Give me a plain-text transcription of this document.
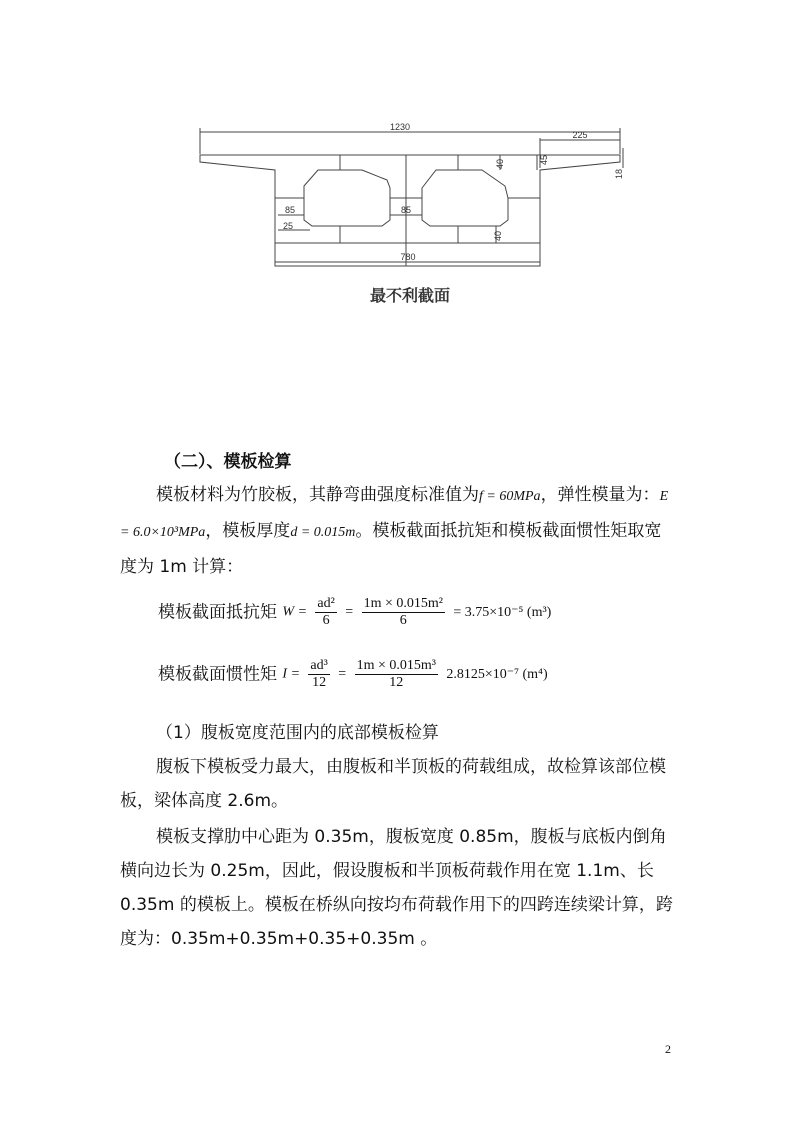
1230
225
780
85	85
25
40	45
18
40
最不利截面
（二）、模板检算
模板材料为竹胶板，其静弯曲强度标准值为f = 60MPa，弹性模量为：E = 6.0×10³MPa，模板厚度d = 0.015m。模板截面抵抗矩和模板截面惯性矩取宽度为 1m 计算：
模板截面抵抗矩 $W = \frac{\text{ad²}}{6} = \frac{\text{1m × 0.015m²}}{6} = 3.75\times 10^{-5}$ (m³)
模板截面惯性矩 $I = \frac{\text{ad³}}{12} = \frac{\text{1m × 0.015m³}}{12} 2.8125\times 10^{-7}$ (m⁴)
（1）腹板宽度范围内的底部模板检算
腹板下模板受力最大，由腹板和半顶板的荷载组成，故检算该部位模板，梁体高度 2.6m。
模板支撑肋中心距为 0.35m，腹板宽度 0.85m，腹板与底板内倒角横向边长为 0.25m，因此，假设腹板和半顶板荷载作用在宽 1.1m、长 0.35m 的模板上。模板在桥纵向按均布荷载作用下的四跨连续梁计算，跨度为：0.35m+0.35m+0.35+0.35m 。
2
